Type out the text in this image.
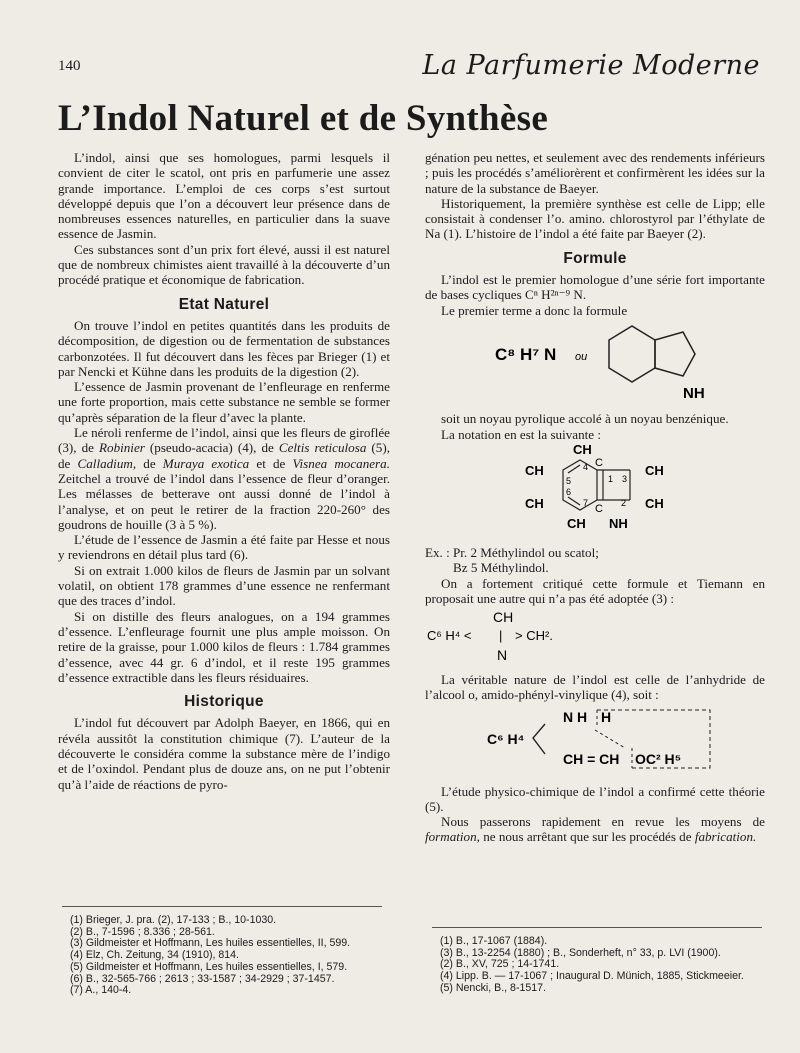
140	La Parfumerie Moderne
L’Indol Naturel et de Synthèse

L’indol, ainsi que ses homologues, parmi lesquels il convient de citer le scatol, ont pris en parfumerie une assez grande importance. L’emploi de ces corps s’est surtout développé depuis que l’on a découvert leur présence dans de nombreuses essences naturelles, en particulier dans la suave essence de Jasmin.

Ces substances sont d’un prix fort élevé, aussi il est naturel que de nombreux chimistes aient travaillé à la découverte d’un procédé pratique et économique de fabrication.

Etat Naturel

On trouve l’indol en petites quantités dans les produits de décomposition, de digestion ou de fermentation de substances carbonzotées. Il fut découvert dans les fèces par Brieger (1) et par Nencki et Kühne dans les produits de la digestion (2).

L’essence de Jasmin provenant de l’enfleurage en renferme une forte proportion, mais cette substance ne semble se former qu’après séparation de la fleur d’avec la plante.

Le néroli renferme de l’indol, ainsi que les fleurs de giroflée (3), de Robinier (pseudo-acacia) (4), de Celtis reticulosa (5), de Calladium, de Muraya exotica et de Visnea mocanera. Zeitchel a trouvé de l’indol dans l’essence de fleur d’oranger. Les mélasses de betterave ont aussi donné de l’indol à l’analyse, et on peut le retirer de la fraction 220-260° des goudrons de houille (3 à 5 %).

L’étude de l’essence de Jasmin a été faite par Hesse et nous y reviendrons en détail plus tard (6).

Si on extrait 1.000 kilos de fleurs de Jasmin par un solvant volatil, on obtient 178 grammes d’une essence ne renfermant que des traces d’indol.

Si on distille des fleurs analogues, on a 194 grammes d’essence. L’enfleurage fournit une plus ample moisson. On retire de la graisse, pour 1.000 kilos de fleurs : 1.784 grammes d’essence, avec 44 gr. 6 d’indol, et il reste 195 grammes d’essence extractible dans les fleurs résiduaires.

Historique

L’indol fut découvert par Adolph Baeyer, en 1866, qui en révéla aussitôt la constitution chimique (7). L’auteur de la découverte le considéra comme la substance mère de l’indigo et de l’oxindol. Pendant plus de douze ans, on ne put l’obtenir qu’à l’aide de réactions de pyro-

génation peu nettes, et seulement avec des rendements inférieurs ; puis les procédés s’améliorèrent et confirmèrent les idées sur la nature de la substance de Baeyer.

Historiquement, la première synthèse est celle de Lipp; elle consistait à condenser l’o. amino. chlorostyrol par l’éthylate de Na (1). L’histoire de l’indol a été faite par Baeyer (2).

Formule

L’indol est le premier homologue d’une série fort importante de bases cycliques Cⁿ H²ⁿ⁻⁹ N.

Le premier terme a donc la formule

C⁸ H⁷ N ou
NH

soit un noyau pyrolique accolé à un noyau benzénique.

La notation en est la suivante :

CH
CH	CH
CH	CH
CH NH
C
C
1
2
3
4
5
6
7

Ex. : Pr. 2 Méthylindol ou scatol;

Bz 5 Méthylindol.

On a fortement critiqué cette formule et Tiemann en proposait une autre qui n’a pas été adoptée (3) :

CH
C⁶ H⁴ < | > CH².
N

La véritable nature de l’indol est celle de l’anhydride de l’alcool o, amido-phényl-vinylique (4), soit :

N H H
C⁶ H⁴
CH = CH OC² H⁵

L’étude physico-chimique de l’indol a confirmé cette théorie (5).

Nous passerons rapidement en revue les moyens de formation, ne nous arrêtant que sur les procédés de fabrication.

(1) Brieger, J. pra. (2), 17-133 ; B., 10-1030.
(2) B., 7-1596 ; 8.336 ; 28-561.
(3) Gildmeister et Hoffmann, Les huiles essentielles, II, 599.
(4) Elz, Ch. Zeitung, 34 (1910), 814.
(5) Gildmeister et Hoffmann, Les huiles essentielles, I, 579.
(6) B., 32-565-766 ; 2613 ; 33-1587 ; 34-2929 ; 37-1457.
(7) A., 140-4.
(1) B., 17-1067 (1884).
(3) B., 13-2254 (1880) ; B., Sonderheft, n° 33, p. LVI (1900).
(2) B., XV, 725 ; 14-1741.
(4) Lipp. B. — 17-1067 ; Inaugural D. Münich, 1885, Stickmeeier.
(5) Nencki, B., 8-1517.
